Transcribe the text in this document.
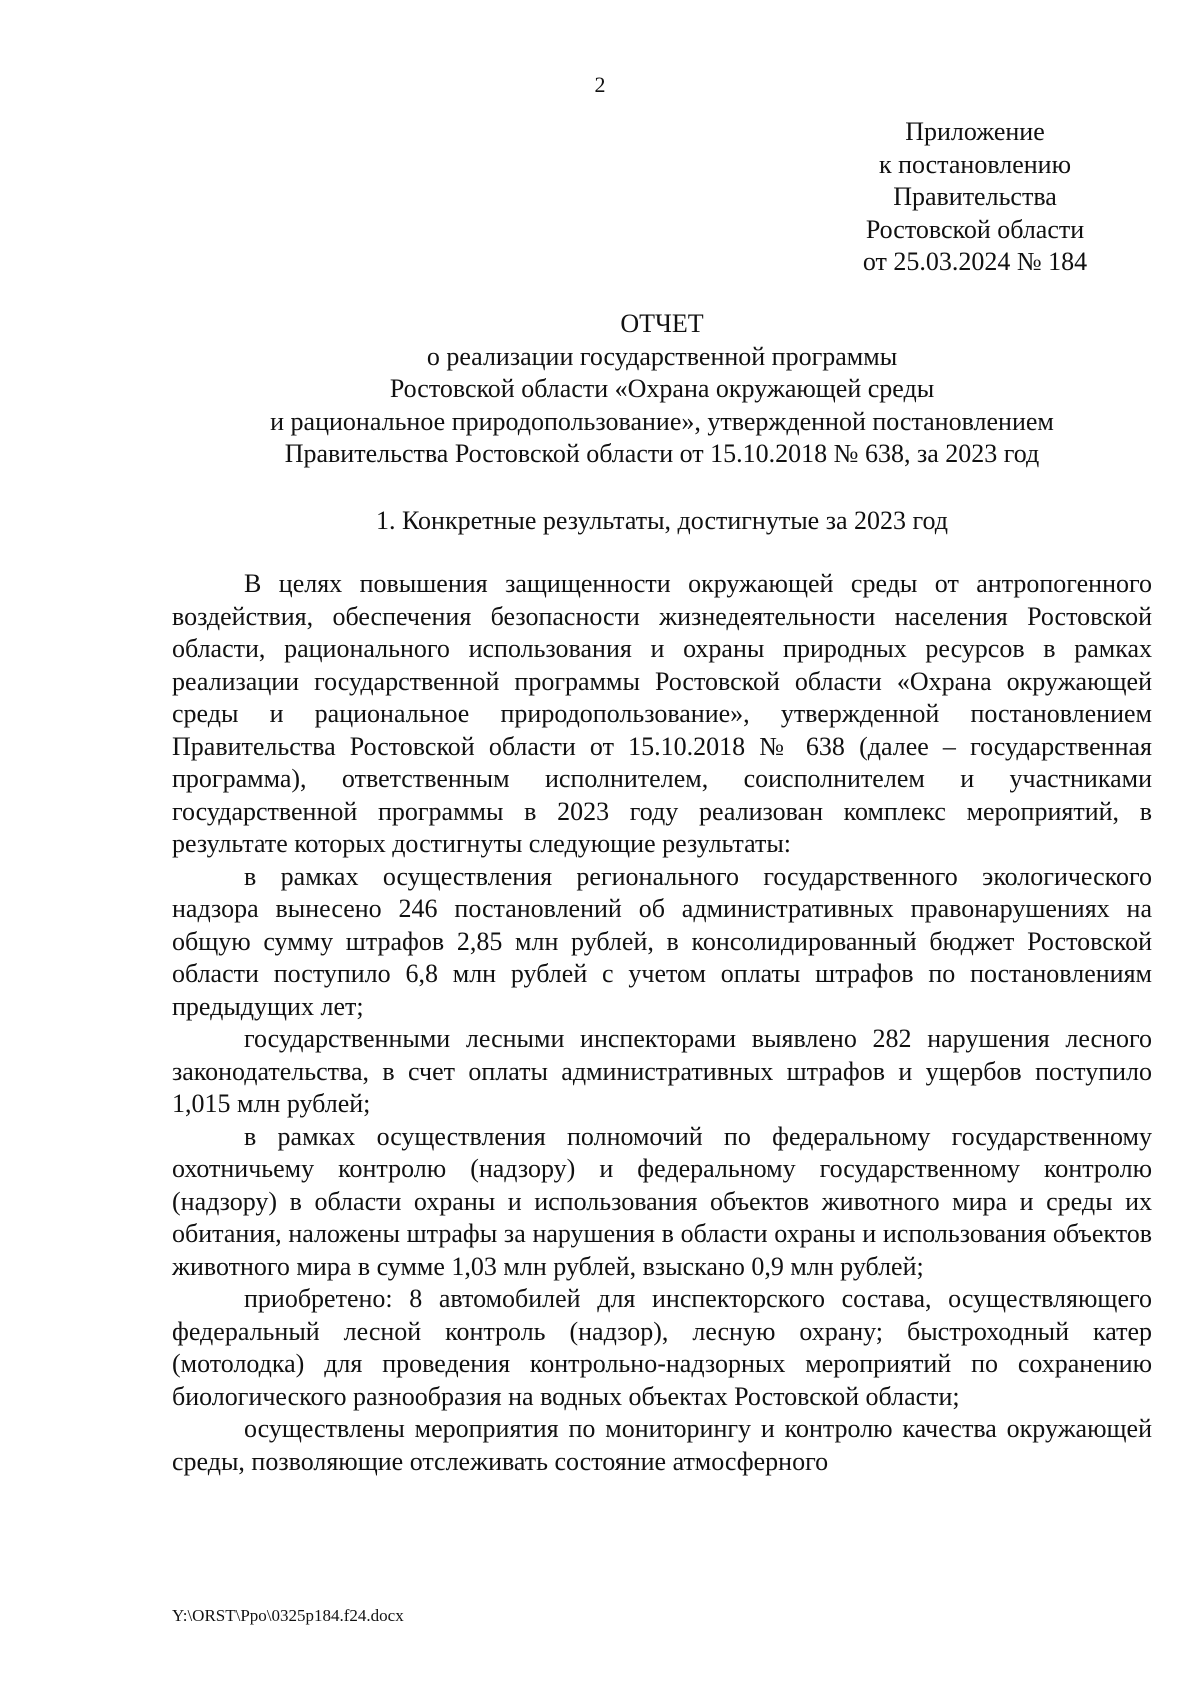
2
Приложение
к постановлению
Правительства
Ростовской области
от 25.03.2024 № 184
ОТЧЕТ
о реализации государственной программы
Ростовской области «Охрана окружающей среды
и рациональное природопользование», утвержденной постановлением
Правительства Ростовской области от 15.10.2018 № 638, за 2023 год
1. Конкретные результаты, достигнутые за 2023 год

В целях повышения защищенности окружающей среды от антропогенного воздействия, обеспечения безопасности жизнедеятельности населения Ростовской области, рационального использования и охраны природных ресурсов в рамках реализации государственной программы Ростовской области «Охрана окружающей среды и рациональное природопользование», утвержденной постановлением Правительства Ростовской области от 15.10.2018 № 638 (далее – государственная программа), ответственным исполнителем, соисполнителем и участниками государственной программы в 2023 году реализован комплекс мероприятий, в результате которых достигнуты следующие результаты:

в рамках осуществления регионального государственного экологического надзора вынесено 246 постановлений об административных правонарушениях на общую сумму штрафов 2,85 млн рублей, в консолидированный бюджет Ростовской области поступило 6,8 млн рублей с учетом оплаты штрафов по постановлениям предыдущих лет;

государственными лесными инспекторами выявлено 282 нарушения лесного законодательства, в счет оплаты административных штрафов и ущербов поступило 1,015 млн рублей;

в рамках осуществления полномочий по федеральному государственному охотничьему контролю (надзору) и федеральному государственному контролю (надзору) в области охраны и использования объектов животного мира и среды их обитания, наложены штрафы за нарушения в области охраны и использования объектов животного мира в сумме 1,03 млн рублей, взыскано 0,9 млн рублей;

приобретено: 8 автомобилей для инспекторского состава, осуществляющего федеральный лесной контроль (надзор), лесную охрану; быстроходный катер (мотолодка) для проведения контрольно-надзорных мероприятий по сохранению биологического разнообразия на водных объектах Ростовской области;

осуществлены мероприятия по мониторингу и контролю качества окружающей среды, позволяющие отслеживать состояние атмосферного

Y:\ORST\Ppo\0325p184.f24.docx
